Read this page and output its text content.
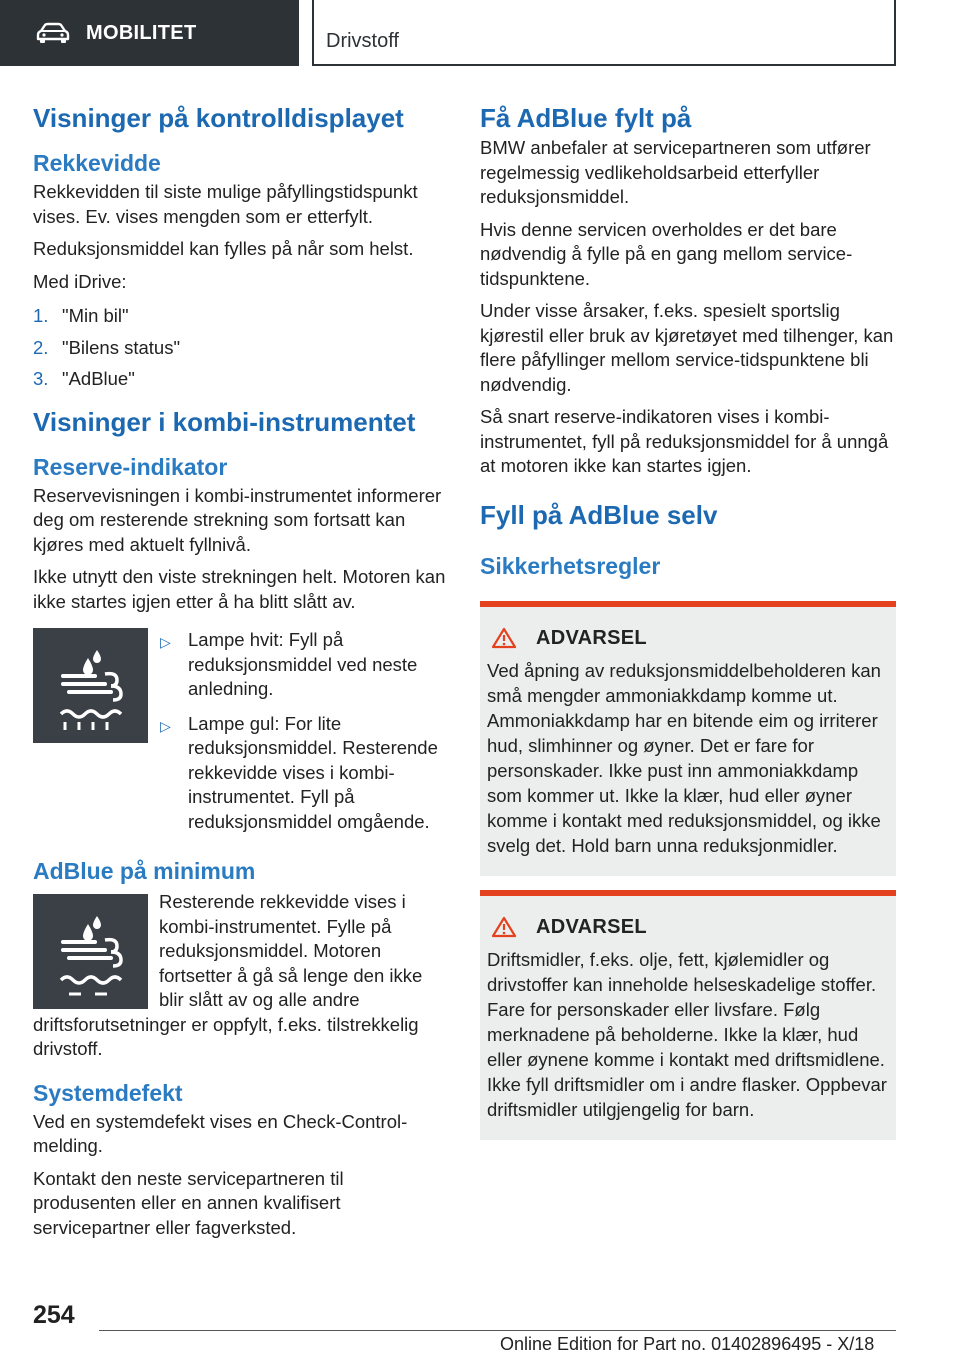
MOBILITET	Drivstoff
Visninger på kontrolldisplayet
Rekkevidde

Rekkevidden til siste mulige påfyllingstidspunkt vises. Ev. vises mengden som er etterfylt.

Reduksjonsmiddel kan fylles på når som helst.

Med iDrive:

1. "Min bil"
2. "Bilens status"
3. "AdBlue"
Visninger i kombi-instrumentet
Reserve-indikator

Reservevisningen i kombi-instrumentet informerer deg om resterende strekning som fortsatt kan kjøres med aktuelt fyllnivå.

Ikke utnytt den viste strekningen helt. Motoren kan ikke startes igjen etter å ha blitt slått av.

▷ Lampe hvit: Fyll på reduksjonsmiddel ved neste anledning.
▷ Lampe gul: For lite reduksjonsmiddel. Resterende rekkevidde vises i kombi-instrumentet. Fyll på reduksjonsmiddel omgående.
AdBlue på minimum

Resterende rekkevidde vises i kombi-instrumentet. Fylle på reduksjonsmiddel. Motoren fortsetter å gå så lenge den ikke blir slått av og alle andre driftsforutsetninger er oppfylt, f.eks. tilstrekkelig drivstoff.

Systemdefekt

Ved en systemdefekt vises en Check-Control-melding.

Kontakt den neste servicepartneren til produsenten eller en annen kvalifisert servicepartner eller fagverksted.

Få AdBlue fylt på

BMW anbefaler at servicepartneren som utfører regelmessig vedlikeholdsarbeid etterfyller reduksjonsmiddel.

Hvis denne servicen overholdes er det bare nødvendig å fylle på en gang mellom service-tidspunktene.

Under visse årsaker, f.eks. spesielt sportslig kjørestil eller bruk av kjøretøyet med tilhenger, kan flere påfyllinger mellom service-tidspunktene bli nødvendig.

Så snart reserve-indikatoren vises i kombi-instrumentet, fyll på reduksjonsmiddel for å unngå at motoren ikke kan startes igjen.

Fyll på AdBlue selv
Sikkerhetsregler
ADVARSEL

Ved åpning av reduksjonsmiddelbeholderen kan små mengder ammoniakkdamp komme ut. Ammoniakkdamp har en bitende eim og irriterer hud, slimhinner og øyner. Det er fare for personskader. Ikke pust inn ammoniakkdamp som kommer ut. Ikke la klær, hud eller øyner komme i kontakt med reduksjonsmiddel, og ikke svelg det. Hold barn unna reduksjonmidler.

ADVARSEL

Driftsmidler, f.eks. olje, fett, kjølemidler og drivstoffer kan inneholde helseskadelige stoffer. Fare for personskader eller livsfare. Følg merknadene på beholderne. Ikke la klær, hud eller øynene komme i kontakt med driftsmidlene. Ikke fyll driftsmidler om i andre flasker. Oppbevar driftsmidler utilgjengelig for barn.

254
Online Edition for Part no. 01402896495 - X/18
